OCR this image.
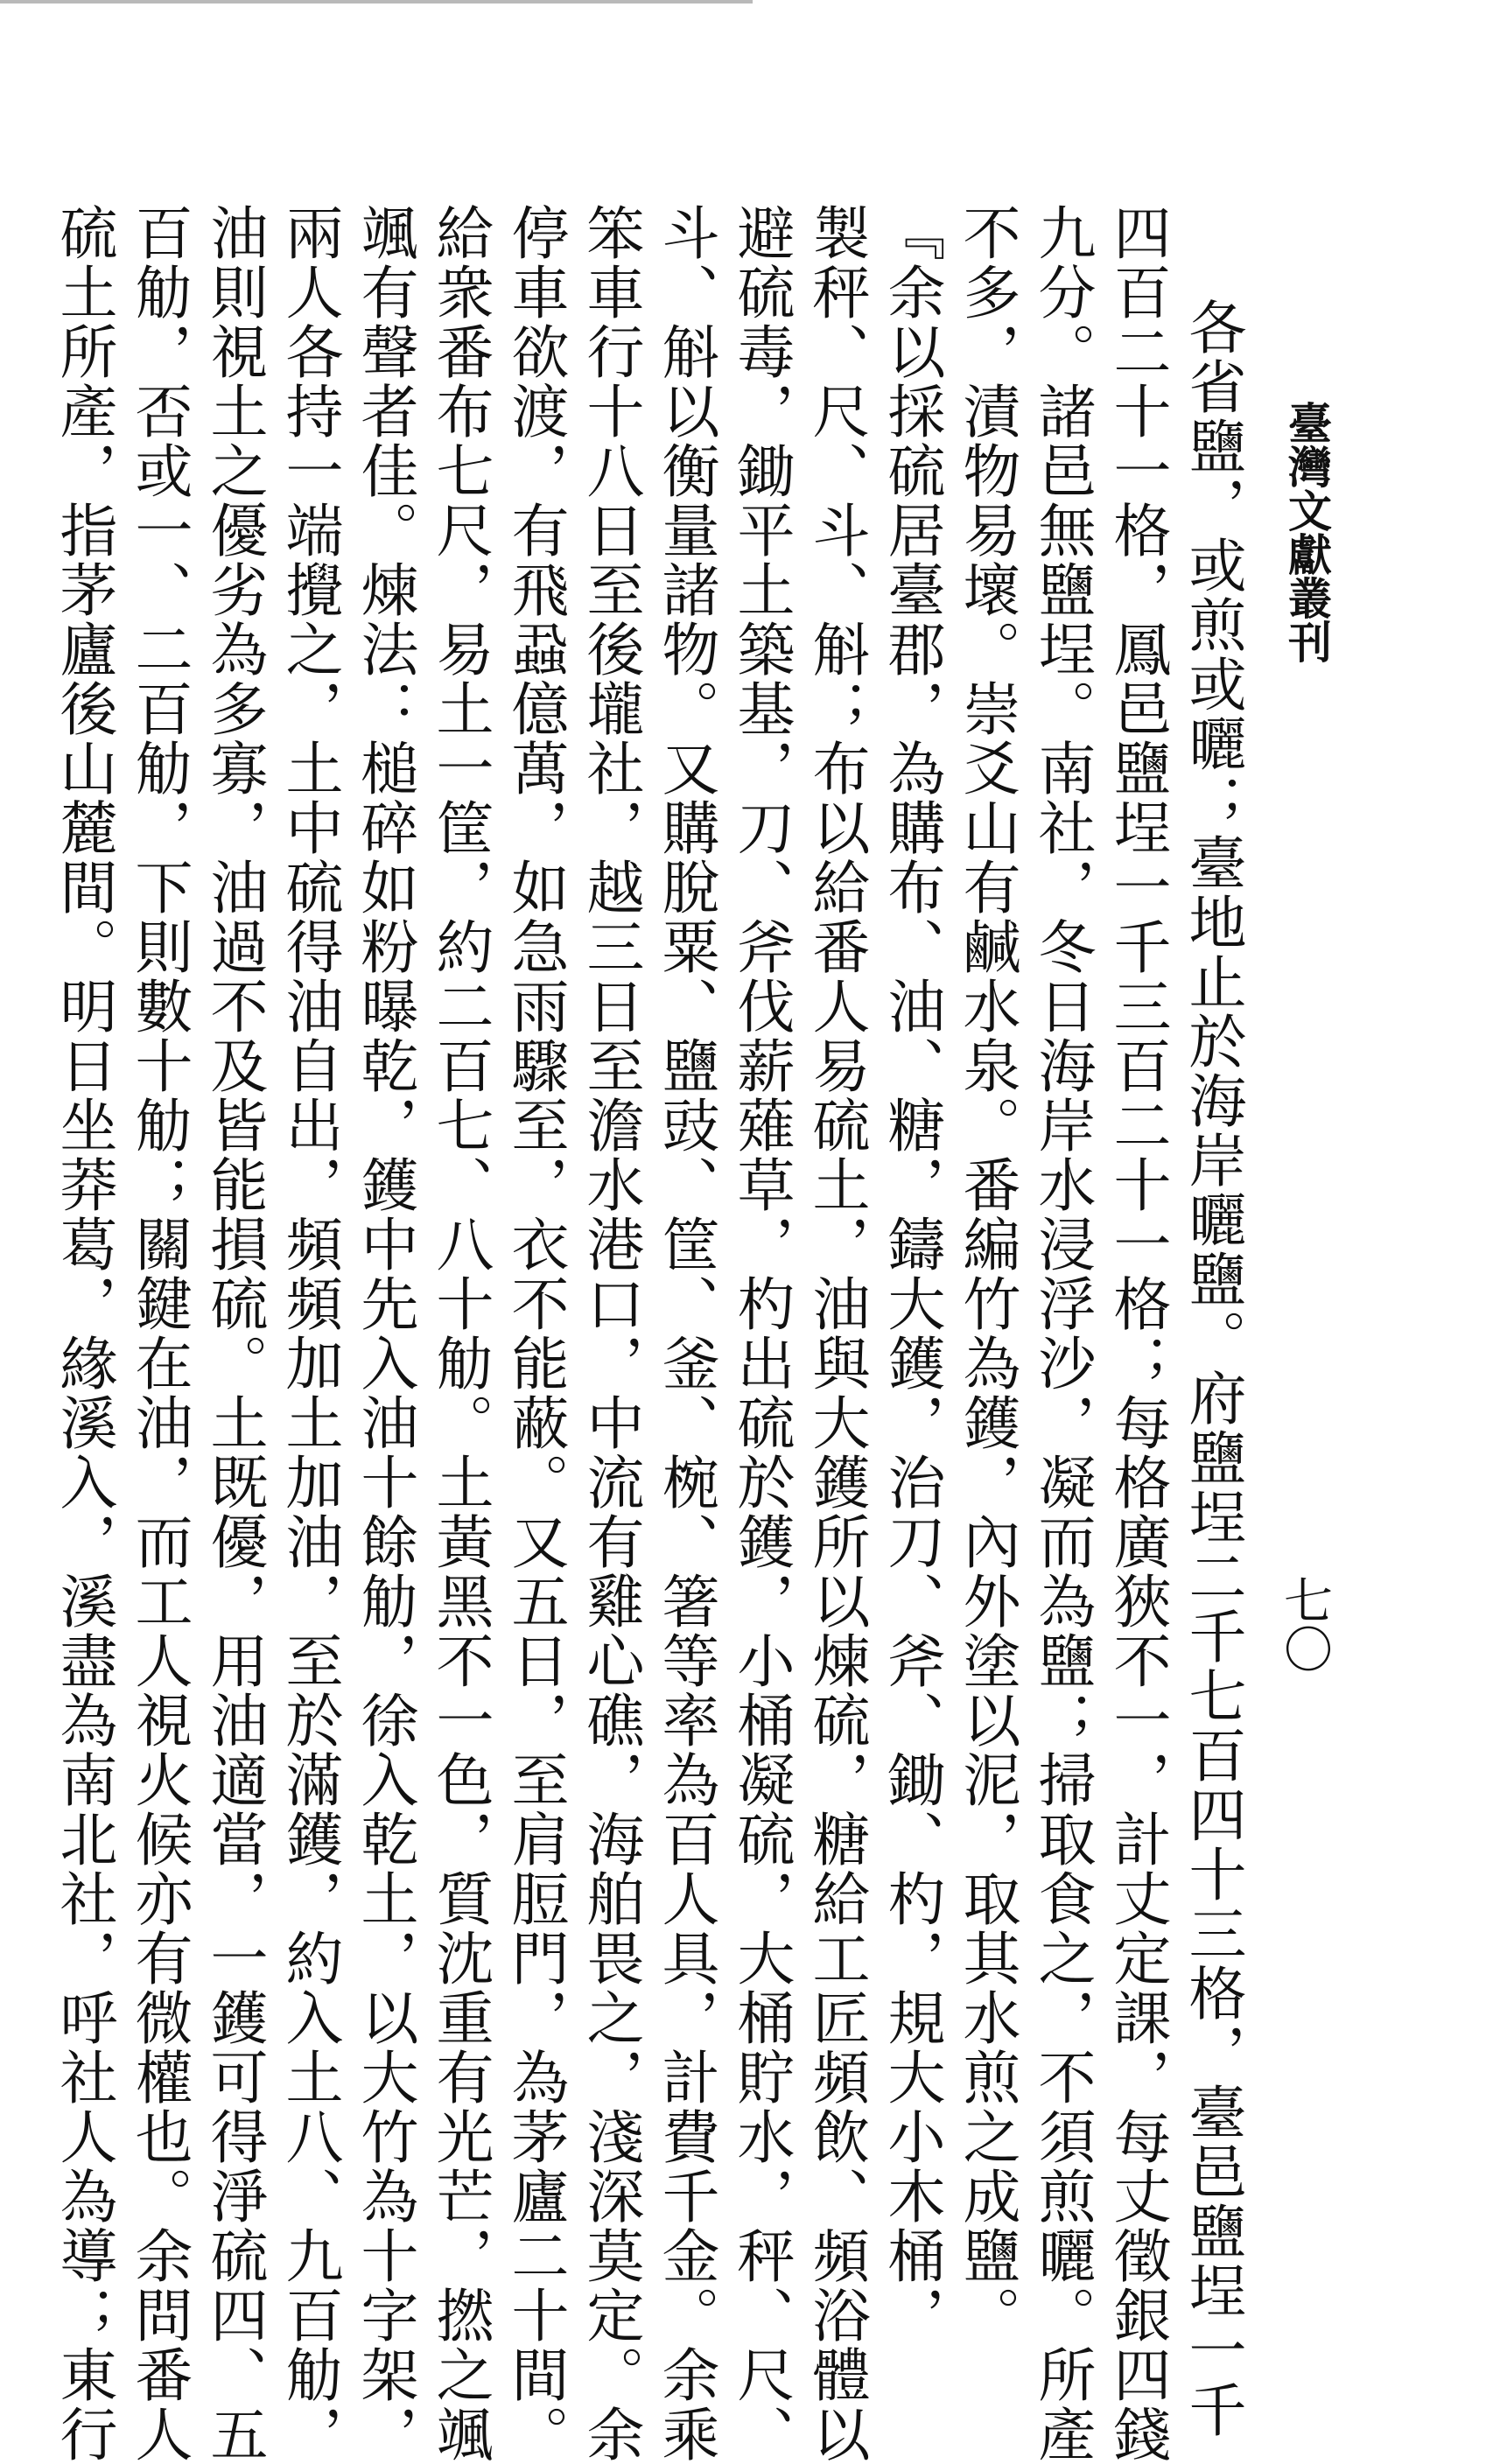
臺灣文獻叢刊
七〇
各省鹽，或煎或曬；臺地止於海岸曬鹽。府鹽埕二千七百四十三格，臺邑鹽埕一千
四百二十一格，鳳邑鹽埕一千三百二十一格；每格廣狹不一，計丈定課，每丈徵銀四錢
九分。諸邑無鹽埕。南社，冬日海岸水浸浮沙，凝而為鹽；掃取食之，不須煎曬。所產
不多，漬物易壞。崇爻山有鹹水泉。番編竹為鑊，內外塗以泥，取其水煎之成鹽。
『余以採硫居臺郡，為購布、油、糖，鑄大鑊，治刀、斧、鋤、杓，規大小木桶，
製秤、尺、斗、斛；布以給番人易硫土，油與大鑊所以煉硫，糖給工匠頻飲、頻浴體以
避硫毒，鋤平土築基，刀、斧伐薪薙草，杓出硫於鑊，小桶凝硫，大桶貯水，秤、尺、
斗、斛以衡量諸物。又購脫粟、鹽豉、筐、釜、椀、箸等率為百人具，計費千金。余乘
笨車行十八日至後壠社，越三日至澹水港口，中流有雞心礁，海舶畏之，淺深莫定。余
停車欲渡，有飛蝨億萬，如急雨驟至，衣不能蔽。又五日，至肩脰門，為茅廬二十間。
給衆番布七尺，易土一筐，約二百七、八十觔。土黃黑不一色，質沈重有光芒，撚之颯
颯有聲者佳。煉法：槌碎如粉曝乾，鑊中先入油十餘觔，徐入乾土，以大竹為十字架，
兩人各持一端攪之，土中硫得油自出，頻頻加土加油，至於滿鑊，約入土八、九百觔，
油則視土之優劣為多寡，油過不及皆能損硫。土既優，用油適當，一鑊可得淨硫四、五
百觔，否或一、二百觔，下則數十觔；關鍵在油，而工人視火候亦有微權也。余問番人
硫土所產，指茅廬後山麓間。明日坐莽葛，緣溪入，溪盡為南北社，呼社人為導；東行
